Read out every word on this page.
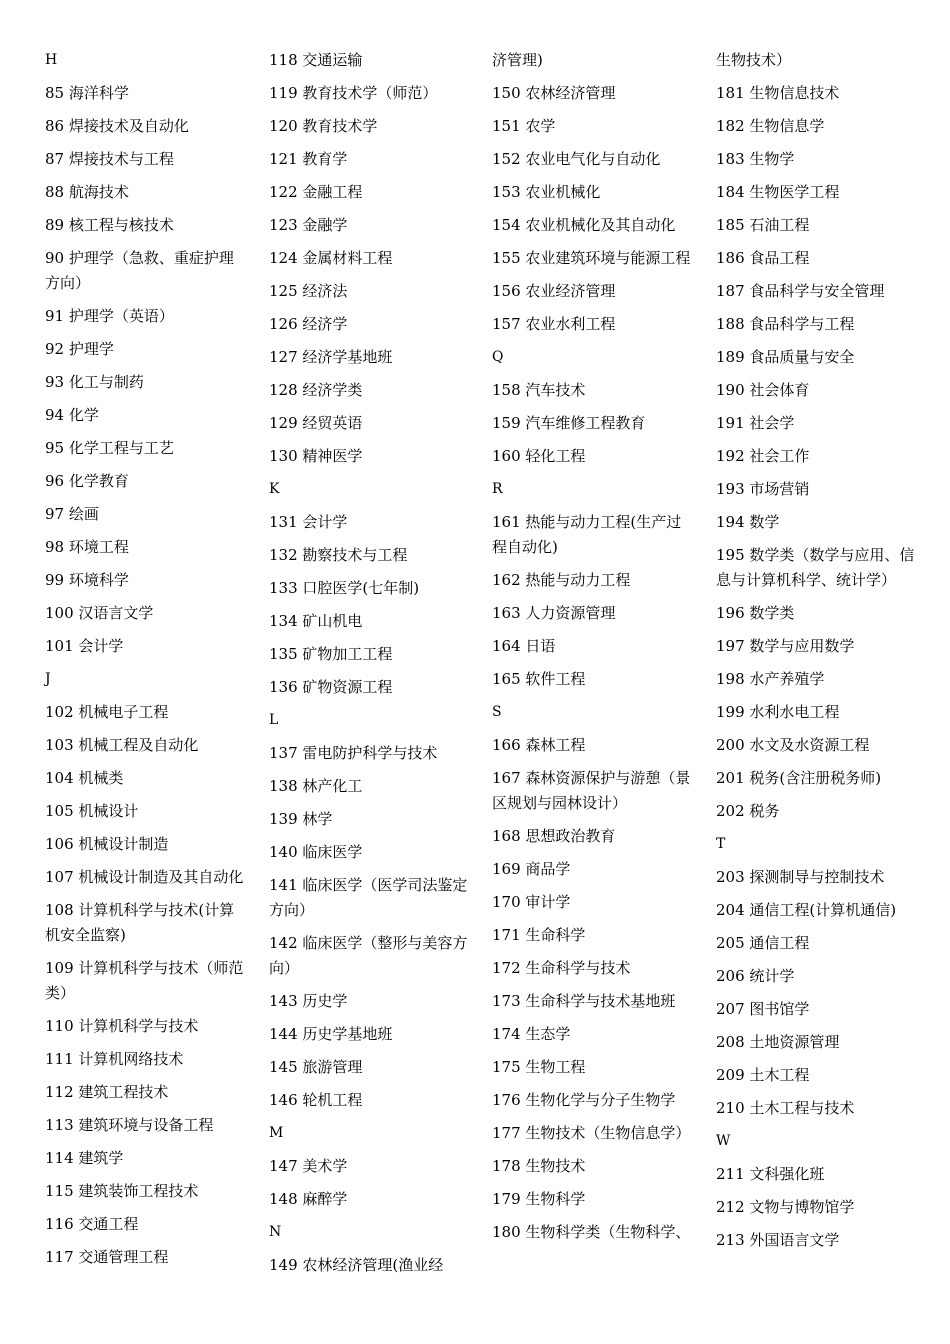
H
85 海洋科学
86 焊接技术及自动化
87 焊接技术与工程
88 航海技术
89 核工程与核技术
90 护理学（急救、重症护理方向）
91 护理学（英语）
92 护理学
93 化工与制药
94 化学
95 化学工程与工艺
96 化学教育
97 绘画
98 环境工程
99 环境科学
100 汉语言文学
101 会计学
J
102 机械电子工程
103 机械工程及自动化
104 机械类
105 机械设计
106 机械设计制造
107 机械设计制造及其自动化
108 计算机科学与技术(计算机安全监察)
109 计算机科学与技术（师范类）
110 计算机科学与技术
111 计算机网络技术
112 建筑工程技术
113 建筑环境与设备工程
114 建筑学
115 建筑装饰工程技术
116 交通工程
117 交通管理工程
118 交通运输
119 教育技术学（师范）
120 教育技术学
121 教育学
122 金融工程
123 金融学
124 金属材料工程
125 经济法
126 经济学
127 经济学基地班
128 经济学类
129 经贸英语
130 精神医学
K
131 会计学
132 勘察技术与工程
133 口腔医学(七年制)
134 矿山机电
135 矿物加工工程
136 矿物资源工程
L
137 雷电防护科学与技术
138 林产化工
139 林学
140 临床医学
141 临床医学（医学司法鉴定方向）
142 临床医学（整形与美容方向）
143 历史学
144 历史学基地班
145 旅游管理
146 轮机工程
M
147 美术学
148 麻醉学
N
149 农林经济管理(渔业经
济管理)
150 农林经济管理
151 农学
152 农业电气化与自动化
153 农业机械化
154 农业机械化及其自动化
155 农业建筑环境与能源工程
156 农业经济管理
157 农业水利工程
Q
158 汽车技术
159 汽车维修工程教育
160 轻化工程
R
161 热能与动力工程(生产过程自动化)
162 热能与动力工程
163 人力资源管理
164 日语
165 软件工程
S
166 森林工程
167 森林资源保护与游憩（景区规划与园林设计）
168 思想政治教育
169 商品学
170 审计学
171 生命科学
172 生命科学与技术
173 生命科学与技术基地班
174 生态学
175 生物工程
176 生物化学与分子生物学
177 生物技术（生物信息学）
178 生物技术
179 生物科学
180 生物科学类（生物科学、
生物技术）
181 生物信息技术
182 生物信息学
183 生物学
184 生物医学工程
185 石油工程
186 食品工程
187 食品科学与安全管理
188 食品科学与工程
189 食品质量与安全
190 社会体育
191 社会学
192 社会工作
193 市场营销
194 数学
195 数学类（数学与应用、信息与计算机科学、统计学）
196 数学类
197 数学与应用数学
198 水产养殖学
199 水利水电工程
200 水文及水资源工程
201 税务(含注册税务师)
202 税务
T
203 探测制导与控制技术
204 通信工程(计算机通信)
205 通信工程
206 统计学
207 图书馆学
208 土地资源管理
209 土木工程
210 土木工程与技术
W
211 文科强化班
212 文物与博物馆学
213 外国语言文学
